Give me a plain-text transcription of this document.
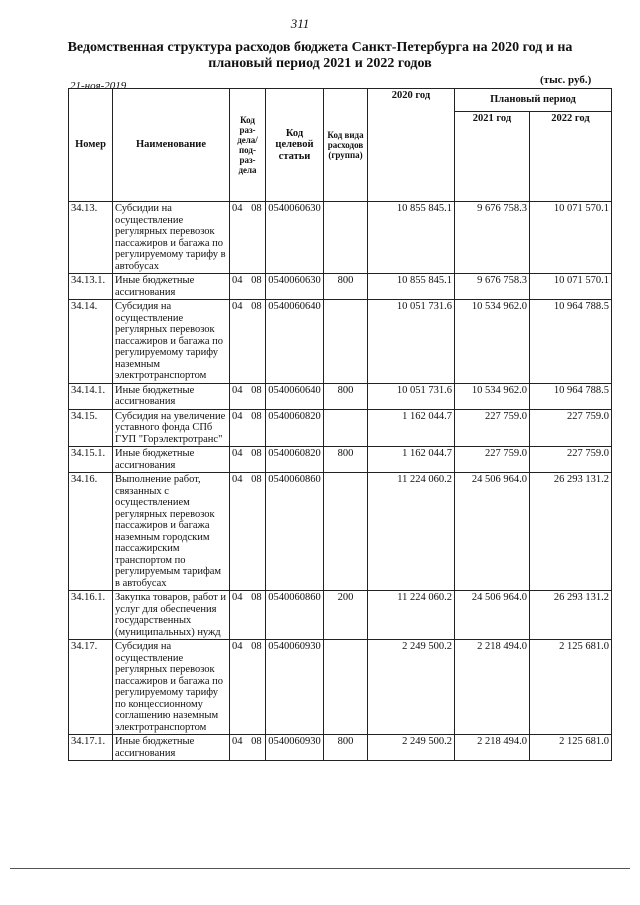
311
Ведомственная структура расходов бюджета Санкт-Петербурга на 2020 год и на плановый период 2021 и 2022 годов
21-ноя-2019	(тыс. руб.)
Номер	Наименование	Код раз-дела/ под-раз-дела	Код целевой статьи	Код вида расходов (группа)	2020 год	Плановый период	
						2021 год	2022 год
34.13.	Субсидии на осуществление регулярных перевозок пассажиров и багажа по регулируемому тарифу в автобусах	04 08	0540060630		10 855 845.1	9 676 758.3	10 071 570.1
34.13.1.	Иные бюджетные ассигнования	04 08	0540060630	800	10 855 845.1	9 676 758.3	10 071 570.1
34.14.	Субсидия на осуществление регулярных перевозок пассажиров и багажа по регулируемому тарифу наземным электротранспортом	04 08	0540060640		10 051 731.6	10 534 962.0	10 964 788.5
34.14.1.	Иные бюджетные ассигнования	04 08	0540060640	800	10 051 731.6	10 534 962.0	10 964 788.5
34.15.	Субсидия на увеличение уставного фонда СПб ГУП "Горэлектротранс"	04 08	0540060820		1 162 044.7	227 759.0	227 759.0
34.15.1.	Иные бюджетные ассигнования	04 08	0540060820	800	1 162 044.7	227 759.0	227 759.0
34.16.	Выполнение работ, связанных с осуществлением регулярных перевозок пассажиров и багажа наземным городским пассажирским транспортом по регулируемым тарифам в автобусах	04 08	0540060860		11 224 060.2	24 506 964.0	26 293 131.2
34.16.1.	Закупка товаров, работ и услуг для обеспечения государственных (муниципальных) нужд	04 08	0540060860	200	11 224 060.2	24 506 964.0	26 293 131.2
34.17.	Субсидия на осуществление регулярных перевозок пассажиров и багажа по регулируемому тарифу по концессионному соглашению наземным электротранспортом	04 08	0540060930		2 249 500.2	2 218 494.0	2 125 681.0
34.17.1.	Иные бюджетные ассигнования	04 08	0540060930	800	2 249 500.2	2 218 494.0	2 125 681.0
